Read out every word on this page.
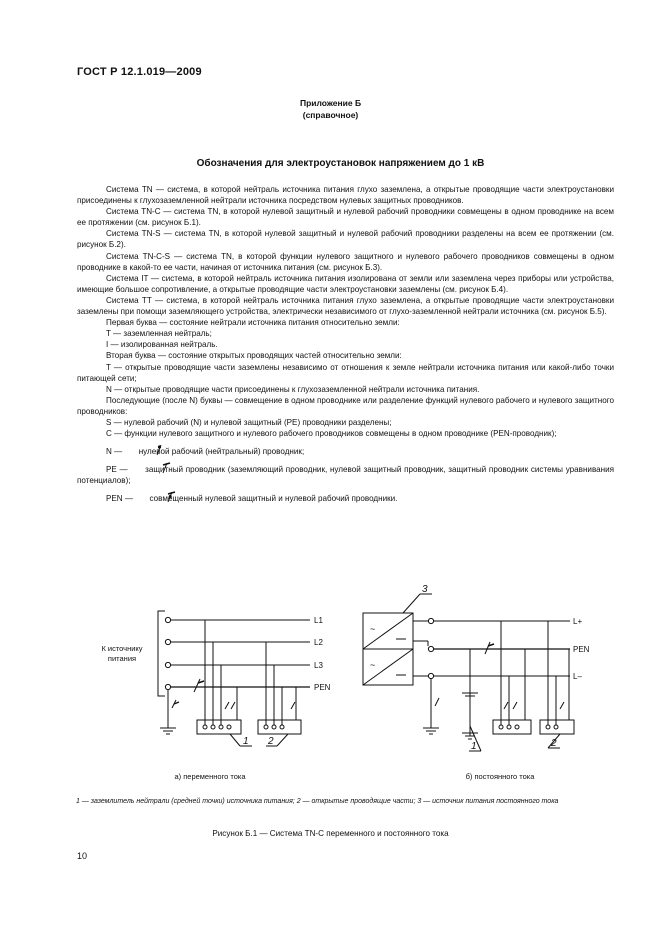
ГОСТ Р 12.1.019—2009
Приложение Б
(справочное)
Обозначения для электроустановок напряжением до 1 кВ

Система TN — система, в которой нейтраль источника питания глухо заземлена, а открытые проводящие части электроустановки присоединены к глухозаземленной нейтрали источника посредством нулевых защитных проводников.

Система TN-C — система TN, в которой нулевой защитный и нулевой рабочий проводники совмещены в одном проводнике на всем ее протяжении (см. рисунок Б.1).

Система TN-S — система TN, в которой нулевой защитный и нулевой рабочий проводники разделены на всем ее протяжении (см. рисунок Б.2).

Система TN-C-S — система TN, в которой функции нулевого защитного и нулевого рабочего проводников совмещены в одном проводнике в какой-то ее части, начиная от источника питания (см. рисунок Б.3).

Система IT — система, в которой нейтраль источника питания изолирована от земли или заземлена через приборы или устройства, имеющие большое сопротивление, а открытые проводящие части электроустановки заземлены (см. рисунок Б.4).

Система TT — система, в которой нейтраль источника питания глухо заземлена, а открытые проводящие части электроустановки заземлены при помощи заземляющего устройства, электрически независимого от глухо-заземленной нейтрали источника (см. рисунок Б.5).

Первая буква — состояние нейтрали источника питания относительно земли:

T — заземленная нейтраль;

I — изолированная нейтраль.

Вторая буква — состояние открытых проводящих частей относительно земли:

T — открытые проводящие части заземлены независимо от отношения к земле нейтрали источника питания или какой-либо точки питающей сети;

N — открытые проводящие части присоединены к глухозаземленной нейтрали источника питания.

Последующие (после N) буквы — совмещение в одном проводнике или разделение функций нулевого рабочего и нулевого защитного проводников:

S — нулевой рабочий (N) и нулевой защитный (PE) проводники разделены;

C — функции нулевого защитного и нулевого рабочего проводников совмещены в одном проводнике (PEN-проводник);

N — нулевой рабочий (нейтральный) проводник;

PE — защитный проводник (заземляющий проводник, нулевой защитный проводник, защитный проводник системы уравнивания потенциалов);

PEN — совмещенный нулевой защитный и нулевой рабочий проводники.

К источнику
питания
L1
L2
L3
PEN
1 2
а) переменного тока
~
~
3
L+
PEN
L–
1	2
б) постоянного тока
1 — заземлитель нейтрали (средней точки) источника питания; 2 — открытые проводящие части; 3 — источник питания постоянного тока
Рисунок Б.1 — Система TN-C переменного и постоянного тока
10
